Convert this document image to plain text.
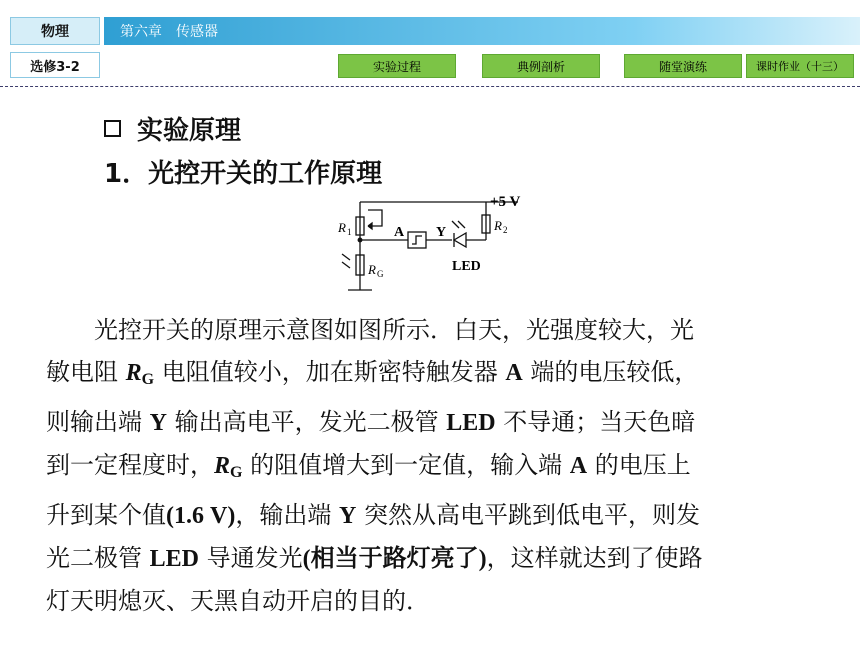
物理	第六章　传感器
选修3-2	实验过程	典例剖析	随堂演练	课时作业（十三）
实验原理
1．光控开关的工作原理
+5 V
R 1	R 2
R G
A Y
LED
光控开关的原理示意图如图所示．白天，光强度较大，光
敏电阻 $R_G$ 电阻值较小，加在斯密特触发器 A 端的电压较低，
则输出端 Y 输出高电平，发光二极管 LED 不导通；当天色暗
到一定程度时，$R_G$ 的阻值增大到一定值，输入端 A 的电压上
升到某个值(1.6 V)，输出端 Y 突然从高电平跳到低电平，则发
光二极管 LED 导通发光(相当于路灯亮了)，这样就达到了使路
灯天明熄灭、天黑自动开启的目的．
